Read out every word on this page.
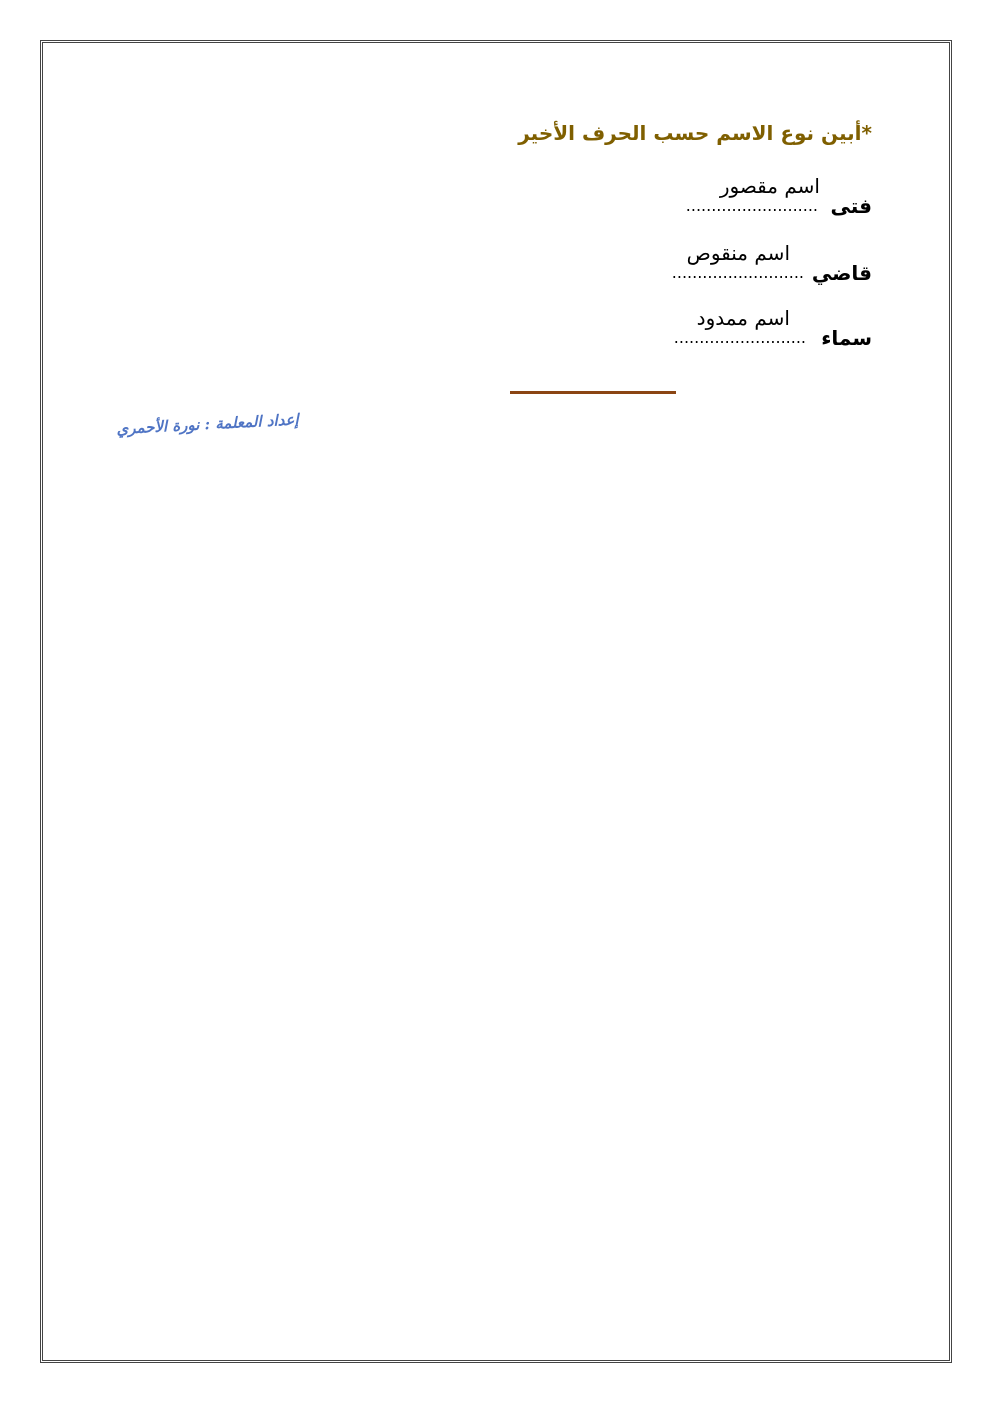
*أبين نوع الاسم حسب الحرف الأخير
فتى
..........................
اسم مقصور
قاضي
..........................
اسم منقوص
سماء
..........................
اسم ممدود
إعداد المعلمة : نورة الأحمري
